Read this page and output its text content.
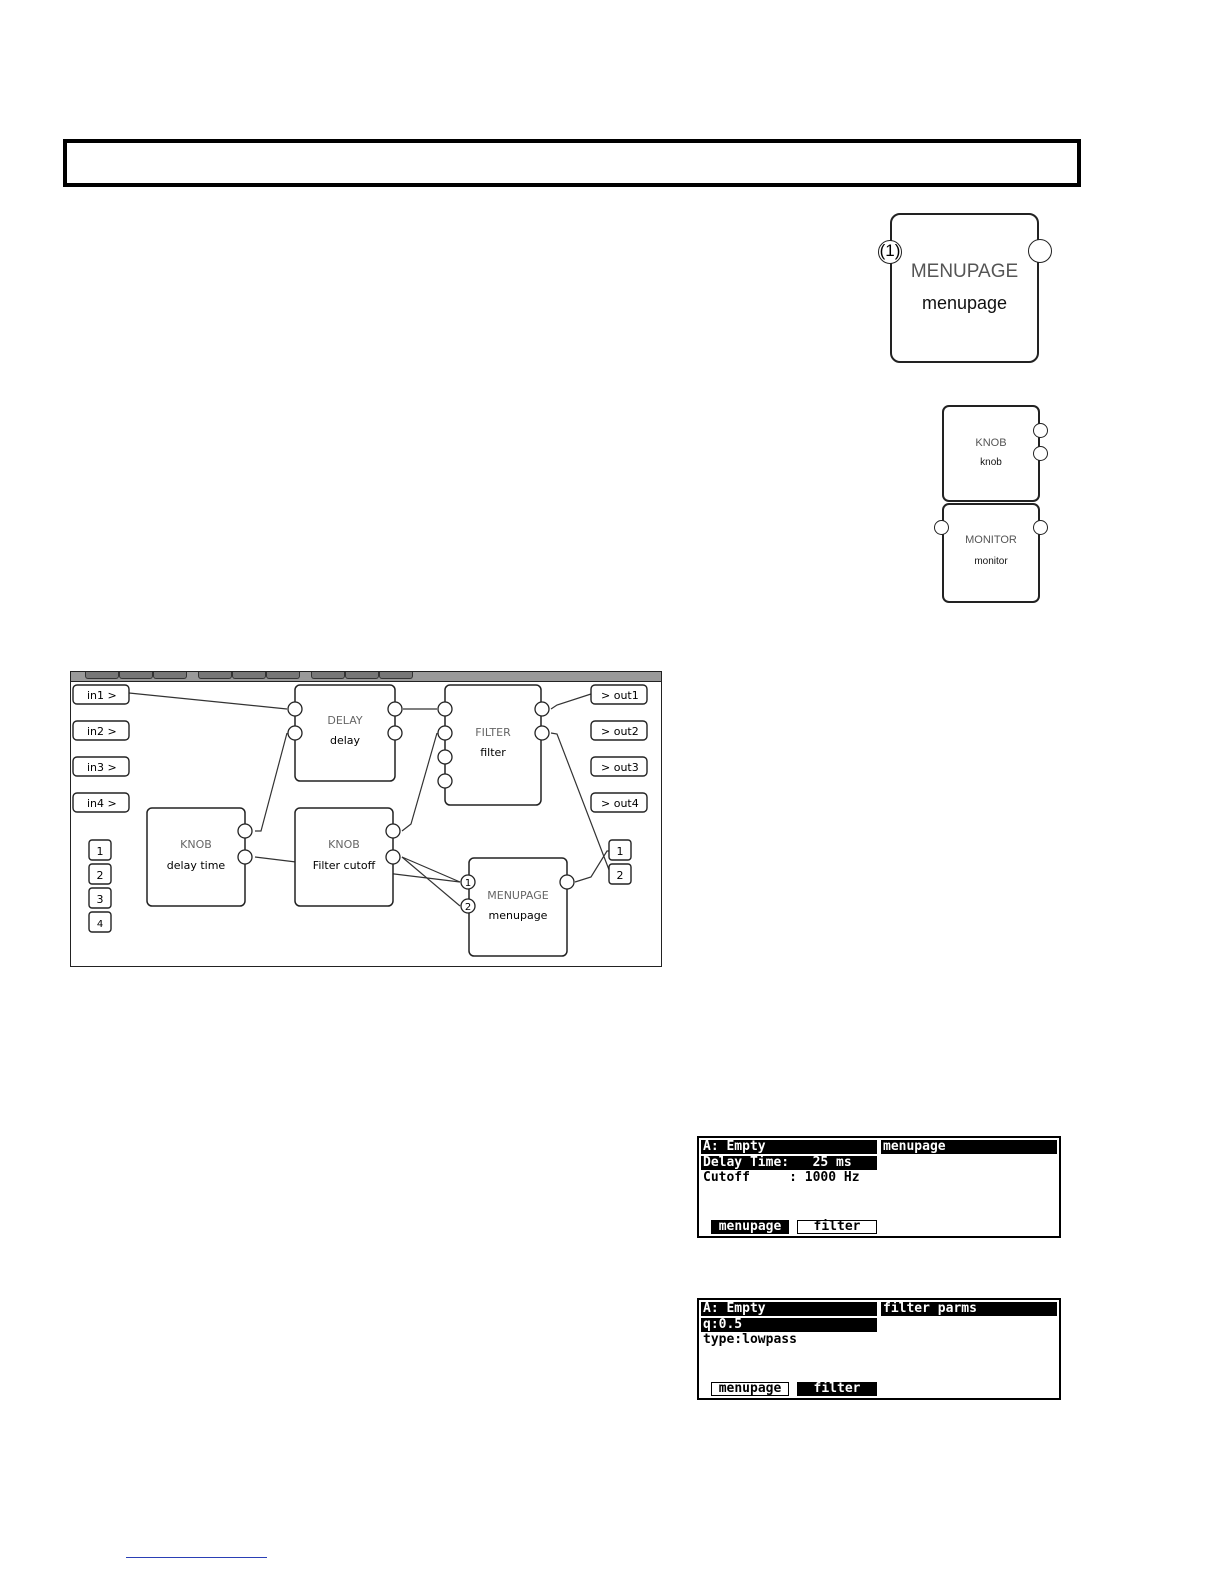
MENUPAGE
menupage
(1)
KNOB
knob
MONITOR
monitor
in1 >
in2 >
in3 >
in4 >
> out1
> out2
> out3
> out4
1
2
3
4
1
2
DELAY
delay
FILTER
filter
KNOB
delay time
KNOB
Filter cutoff
MENUPAGE
menupage
1
2
A: Empty	menupage
Delay Time:   25 ms
Cutoff     : 1000 Hz
menupage	filter
A: Empty	filter parms
q:0.5
type:lowpass
menupage	filter
